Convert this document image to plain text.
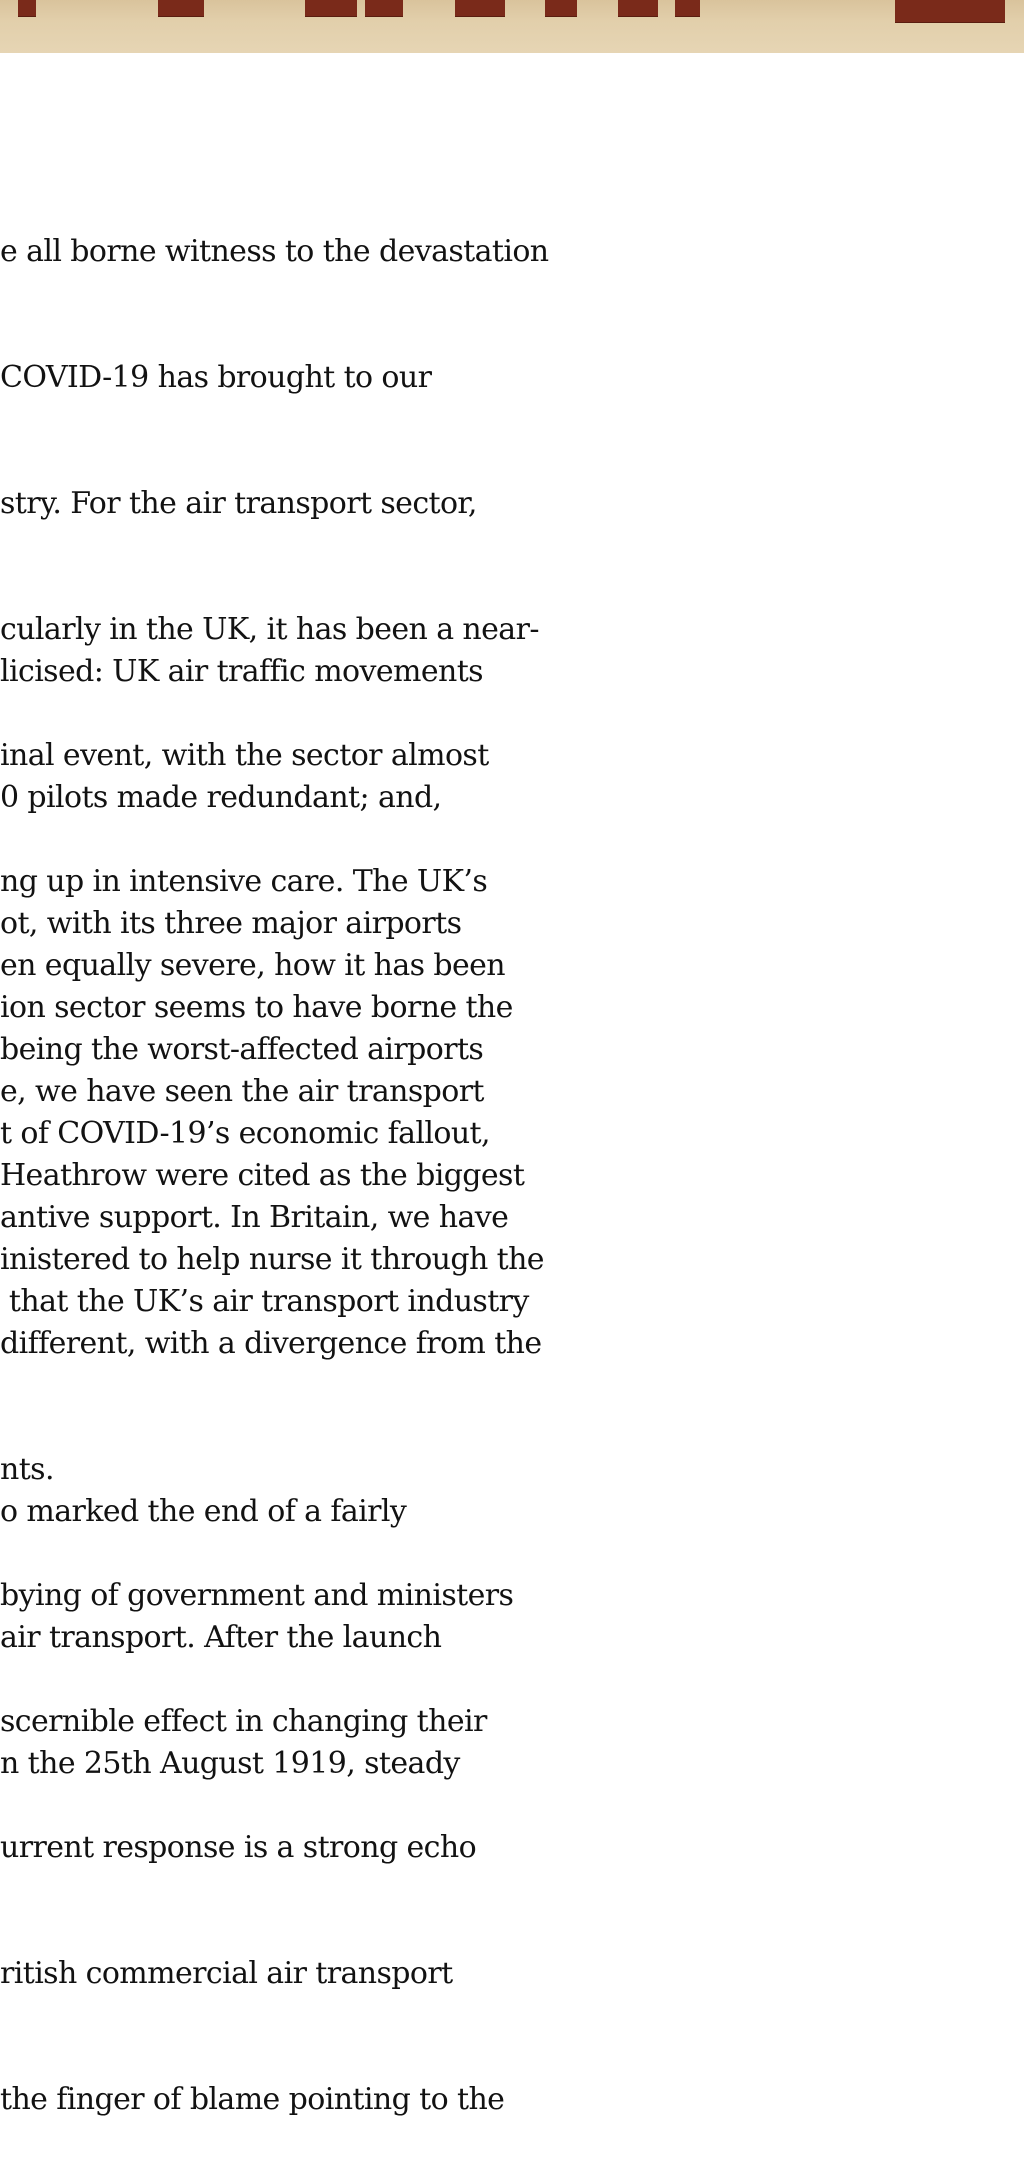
e all borne witness to the devastation

COVID-19 has brought to our

stry. For the air transport sector,

cularly in the UK, it has been a near-

inal event, with the sector almost

ng up in intensive care. The UK’s

ion sector seems to have borne the

t of COVID-19’s economic fallout,

inistered to help nurse it through the

licised: UK air traffic movements

0 pilots made redundant; and,

ot, with its three major airports

being the worst-affected airports

Heathrow were cited as the biggest

that the UK’s air transport industry

en equally severe, how it has been

e, we have seen the air transport

antive support. In Britain, we have

different, with a divergence from the

nts.

bying of government and ministers

scernible effect in changing their

urrent response is a strong echo

ritish commercial air transport

the finger of blame pointing to the

o marked the end of a fairly

air transport. After the launch

n the 25th August 1919, steady
